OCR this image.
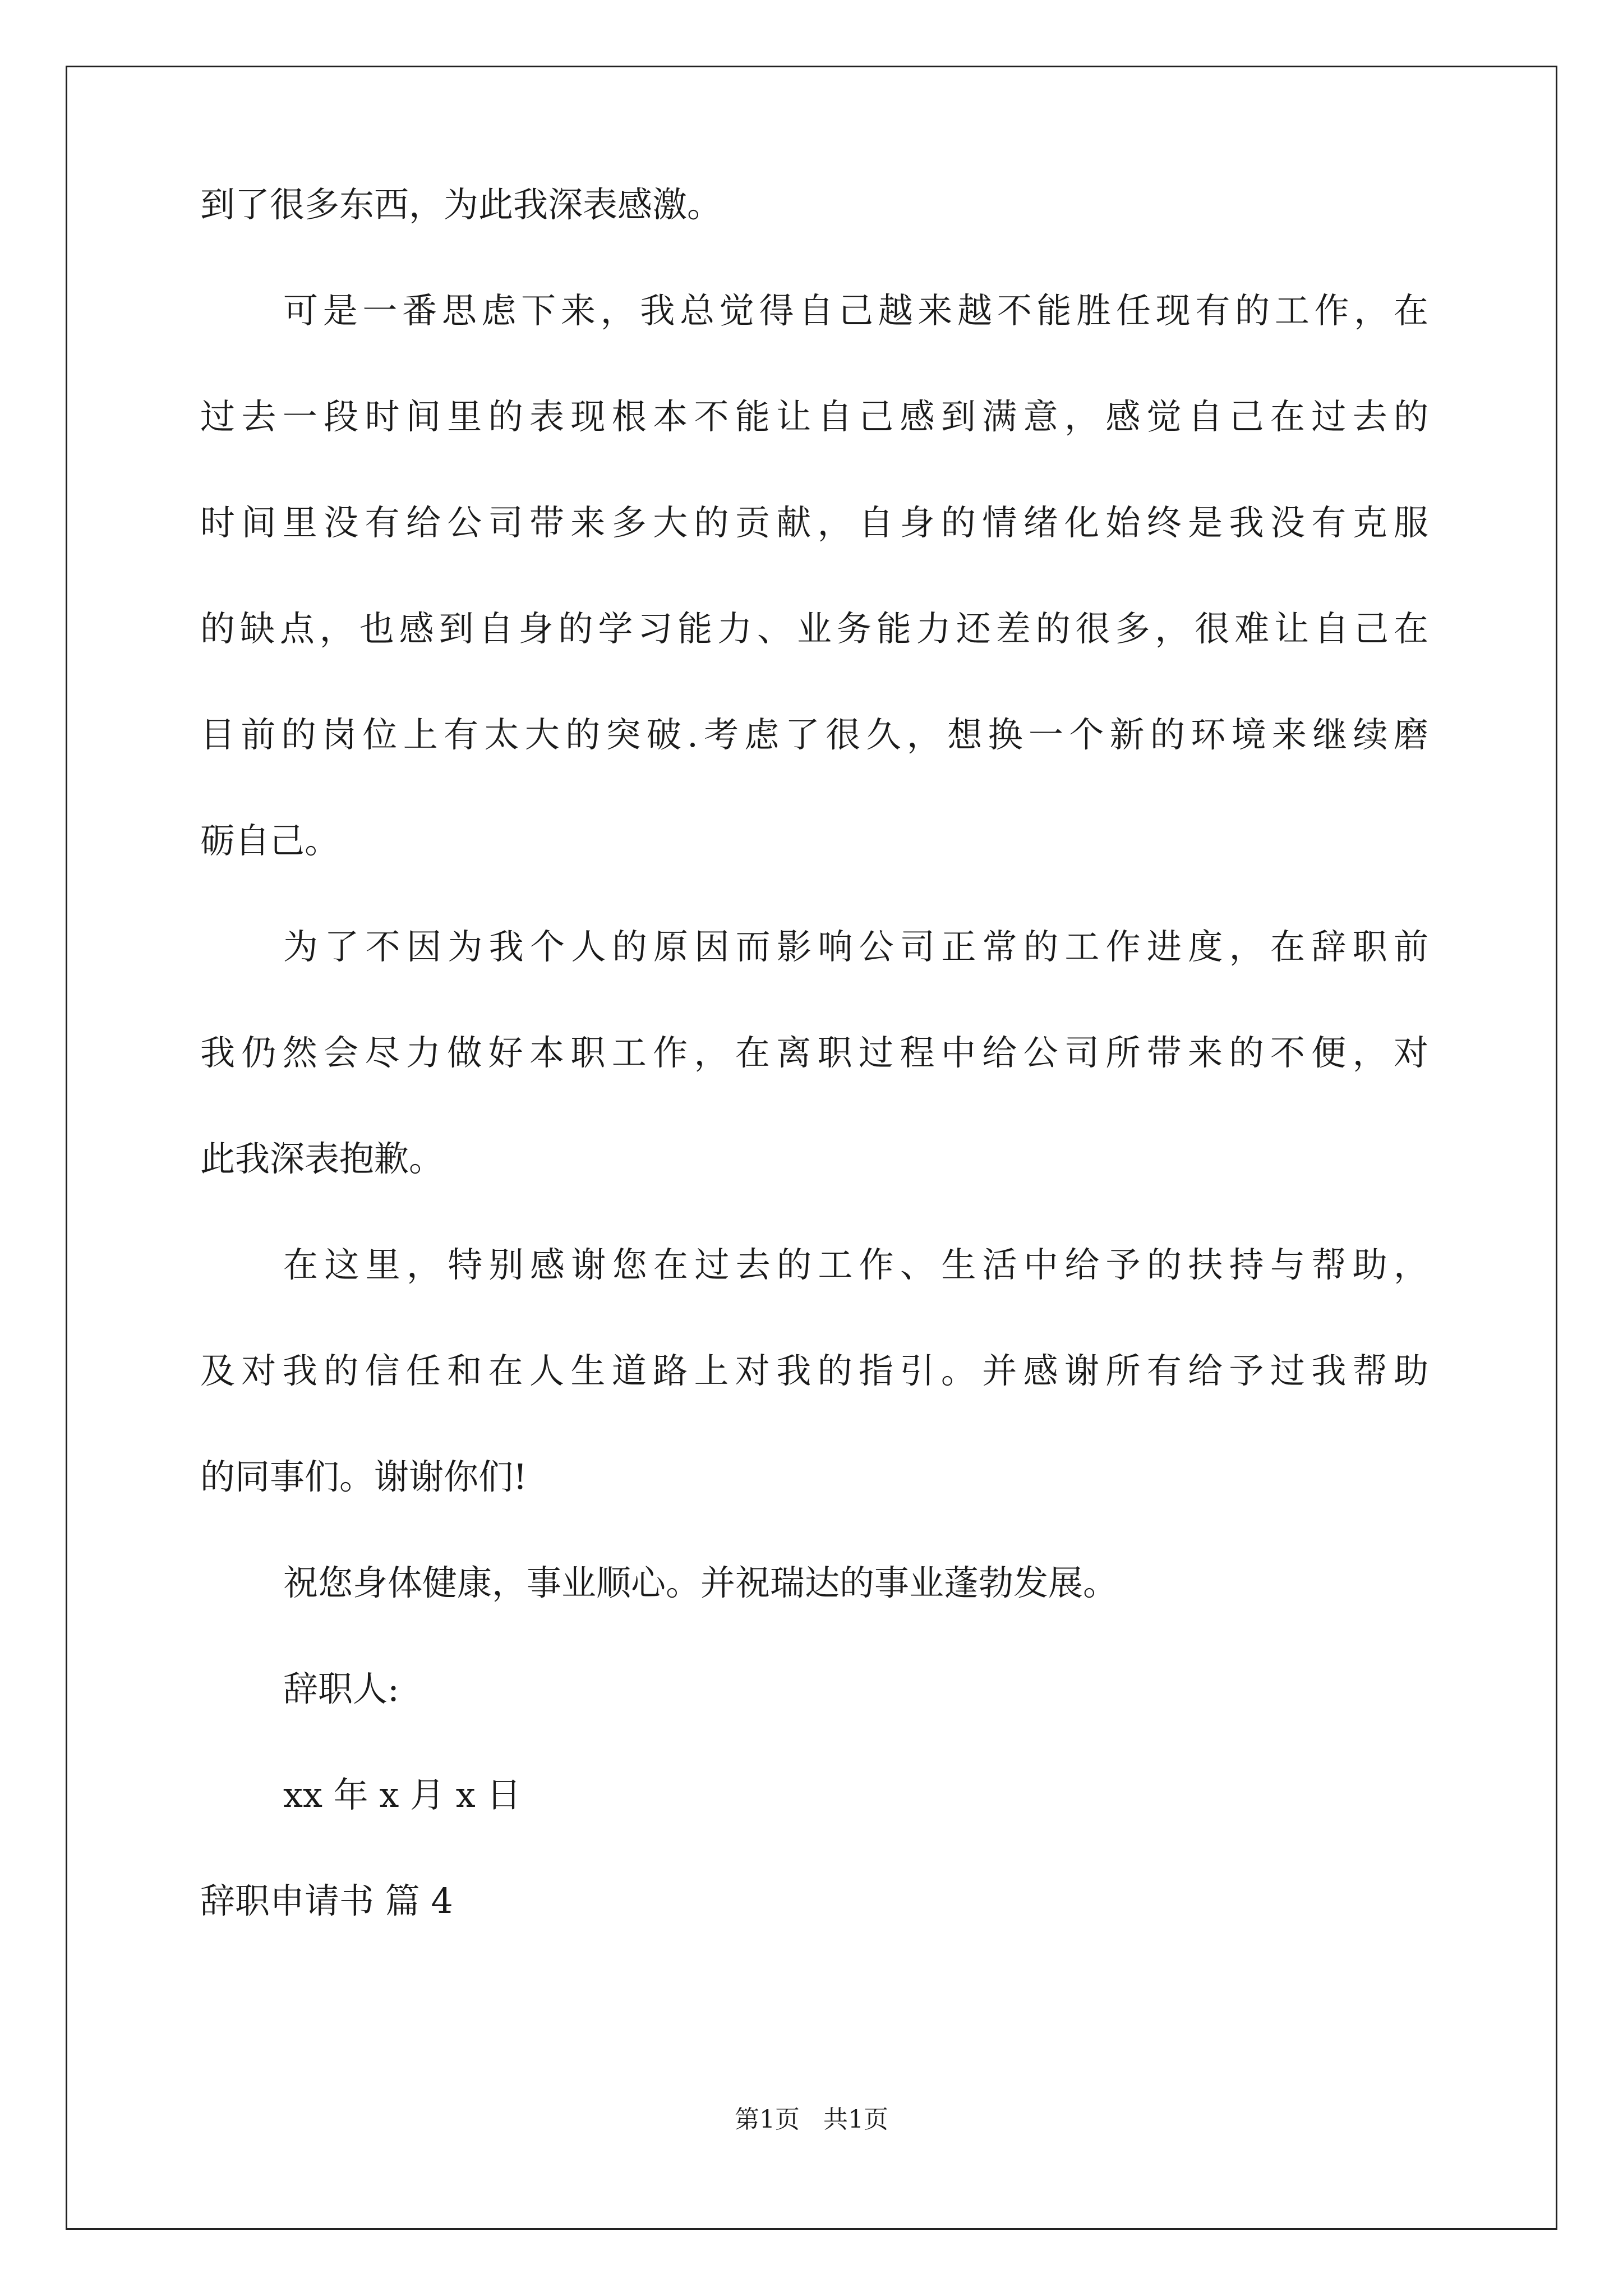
到了很多东西，为此我深表感激。
可是一番思虑下来，我总觉得自己越来越不能胜任现有的工作，在
过去一段时间里的表现根本不能让自己感到满意，感觉自己在过去的
时间里没有给公司带来多大的贡献，自身的情绪化始终是我没有克服
的缺点，也感到自身的学习能力、业务能力还差的很多，很难让自己在
目前的岗位上有太大的突破.考虑了很久，想换一个新的环境来继续磨
砺自己。
为了不因为我个人的原因而影响公司正常的工作进度，在辞职前
我仍然会尽力做好本职工作，在离职过程中给公司所带来的不便，对
此我深表抱歉。
在这里，特别感谢您在过去的工作、生活中给予的扶持与帮助，
及对我的信任和在人生道路上对我的指引。并感谢所有给予过我帮助
的同事们。谢谢你们!
祝您身体健康，事业顺心。并祝瑞达的事业蓬勃发展。
辞职人:
xx 年 x 月 x 日
辞职申请书 篇 4
第1页 共1页
